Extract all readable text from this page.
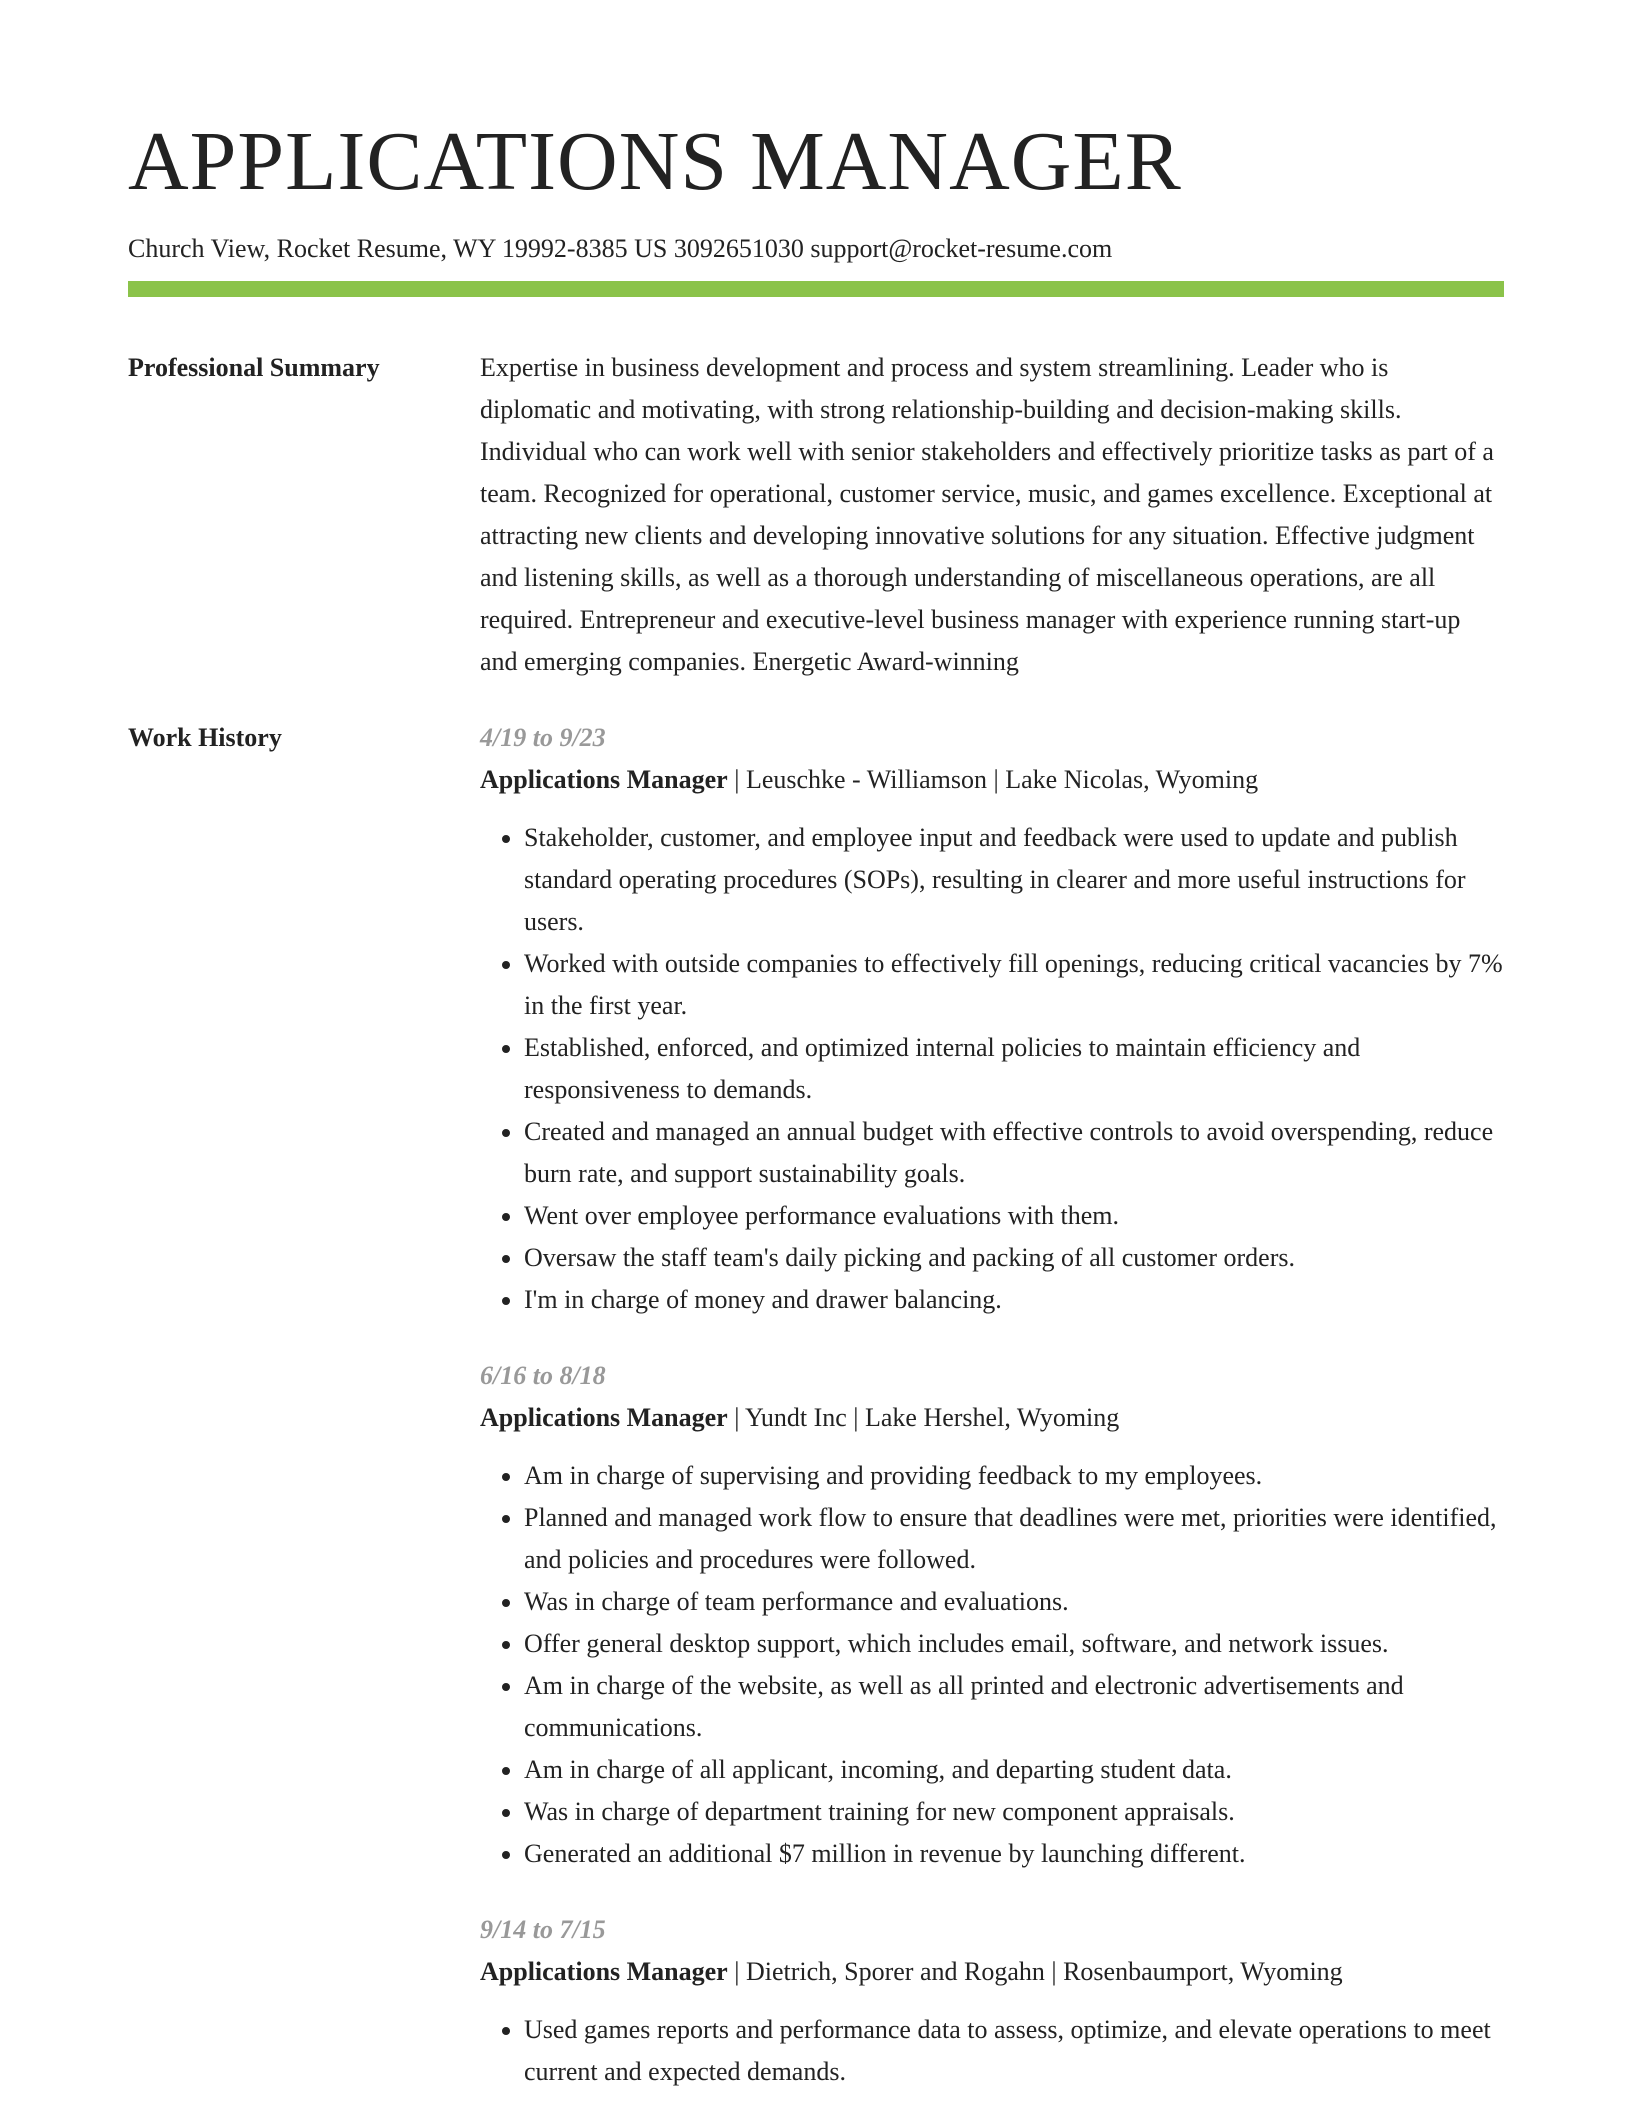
APPLICATIONS MANAGER
Church View, Rocket Resume, WY 19992-8385 US 3092651030 support@rocket-resume.com
Professional Summary	Expertise in business development and process and system streamlining. Leader who is diplomatic and motivating, with strong relationship-building and decision-making skills. Individual who can work well with senior stakeholders and effectively prioritize tasks as part of a team. Recognized for operational, customer service, music, and games excellence. Exceptional at attracting new clients and developing innovative solutions for any situation. Effective judgment and listening skills, as well as a thorough understanding of miscellaneous operations, are all required. Entrepreneur and executive-level business manager with experience running start-up and emerging companies. Energetic Award-winning

Work History	4/19 to 9/23
Applications Manager | Leuschke - Williamson | Lake Nicolas, Wyoming
• Stakeholder, customer, and employee input and feedback were used to update and publish standard operating procedures (SOPs), resulting in clearer and more useful instructions for users.
• Worked with outside companies to effectively fill openings, reducing critical vacancies by 7% in the first year.
• Established, enforced, and optimized internal policies to maintain efficiency and responsiveness to demands.
• Created and managed an annual budget with effective controls to avoid overspending, reduce burn rate, and support sustainability goals.
• Went over employee performance evaluations with them.
• Oversaw the staff team's daily picking and packing of all customer orders.
• I'm in charge of money and drawer balancing.
6/16 to 8/18
Applications Manager | Yundt Inc | Lake Hershel, Wyoming
• Am in charge of supervising and providing feedback to my employees.
• Planned and managed work flow to ensure that deadlines were met, priorities were identified, and policies and procedures were followed.
• Was in charge of team performance and evaluations.
• Offer general desktop support, which includes email, software, and network issues.
• Am in charge of the website, as well as all printed and electronic advertisements and communications.
• Am in charge of all applicant, incoming, and departing student data.
• Was in charge of department training for new component appraisals.
• Generated an additional $7 million in revenue by launching different.
9/14 to 7/15
Applications Manager | Dietrich, Sporer and Rogahn | Rosenbaumport, Wyoming
• Used games reports and performance data to assess, optimize, and elevate operations to meet current and expected demands.
